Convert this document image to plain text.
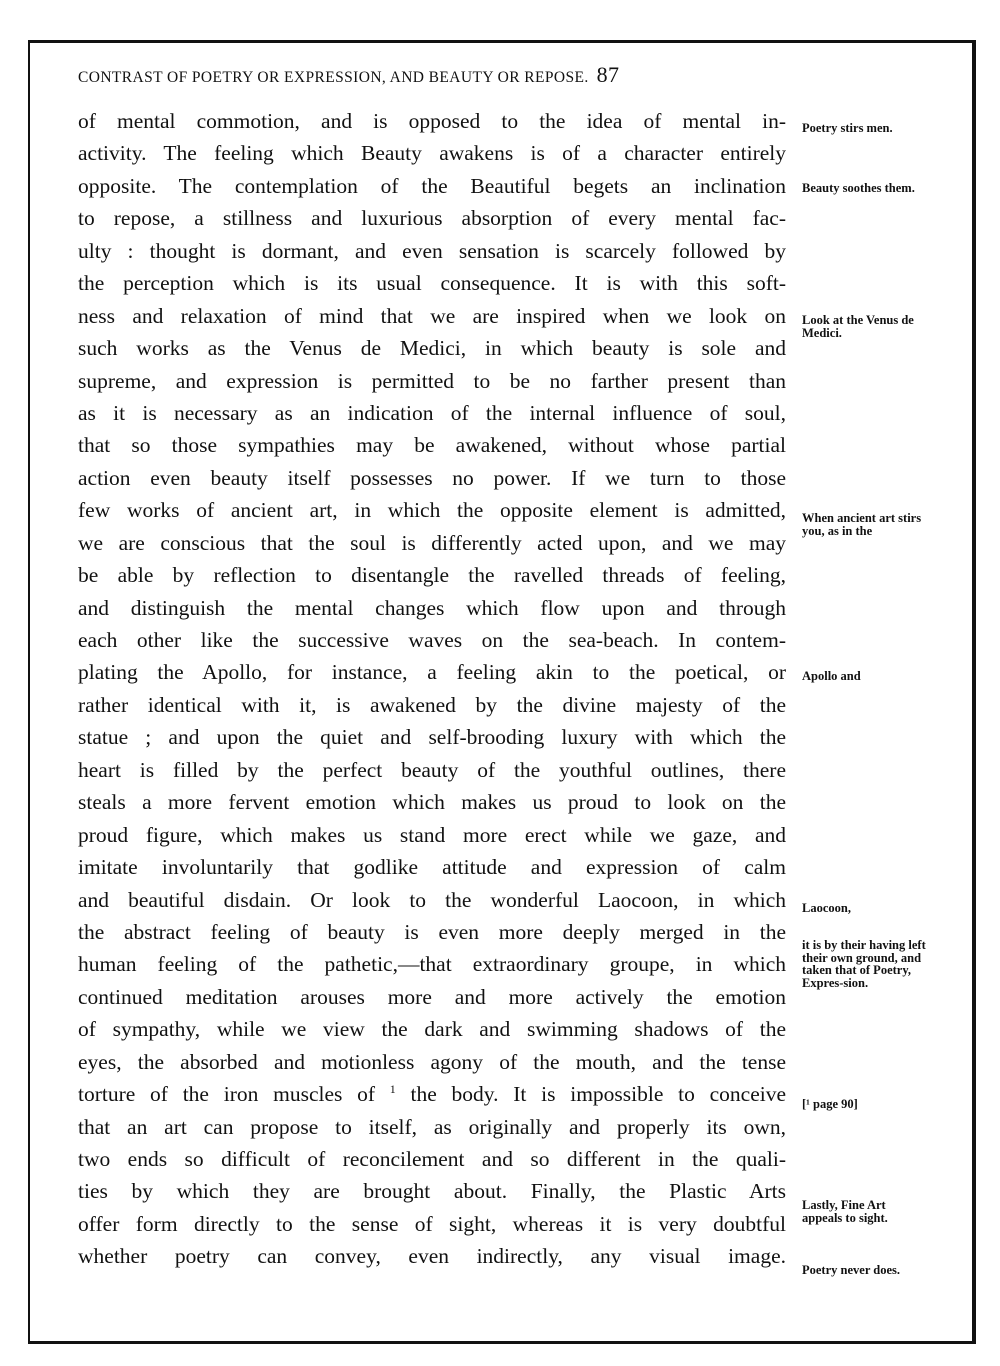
CONTRAST OF POETRY OR EXPRESSION, AND BEAUTY OR REPOSE. 87
of mental commotion, and is opposed to the idea of mental in-
activity. The feeling which Beauty awakens is of a character entirely
opposite. The contemplation of the Beautiful begets an inclination
to repose, a stillness and luxurious absorption of every mental fac-
ulty : thought is dormant, and even sensation is scarcely followed by
the perception which is its usual consequence. It is with this soft-
ness and relaxation of mind that we are inspired when we look on
such works as the Venus de Medici, in which beauty is sole and
supreme, and expression is permitted to be no farther present than
as it is necessary as an indication of the internal influence of soul,
that so those sympathies may be awakened, without whose partial
action even beauty itself possesses no power. If we turn to those
few works of ancient art, in which the opposite element is admitted,
we are conscious that the soul is differently acted upon, and we may
be able by reflection to disentangle the ravelled threads of feeling,
and distinguish the mental changes which flow upon and through
each other like the successive waves on the sea-beach. In contem-
plating the Apollo, for instance, a feeling akin to the poetical, or
rather identical with it, is awakened by the divine majesty of the
statue ; and upon the quiet and self-brooding luxury with which the
heart is filled by the perfect beauty of the youthful outlines, there
steals a more fervent emotion which makes us proud to look on the
proud figure, which makes us stand more erect while we gaze, and
imitate involuntarily that godlike attitude and expression of calm
and beautiful disdain. Or look to the wonderful Laocoon, in which
the abstract feeling of beauty is even more deeply merged in the
human feeling of the pathetic,—that extraordinary groupe, in which
continued meditation arouses more and more actively the emotion
of sympathy, while we view the dark and swimming shadows of the
eyes, the absorbed and motionless agony of the mouth, and the tense
torture of the iron muscles of $^1$ the body. It is impossible to conceive
that an art can propose to itself, as originally and properly its own,
two ends so difficult of reconcilement and so different in the quali-
ties by which they are brought about. Finally, the Plastic Arts
offer form directly to the sense of sight, whereas it is very doubtful
whether poetry can convey, even indirectly, any visual image.
Poetry stirs men.
Beauty soothes them.
Look at the Venus de Medici.
When ancient art stirs you, as in the
Apollo and
Laocoon,
it is by their having left their own ground, and taken that of Poetry, Expres-sion.
[¹ page 90]
Lastly, Fine Art appeals to sight.
Poetry never does.
